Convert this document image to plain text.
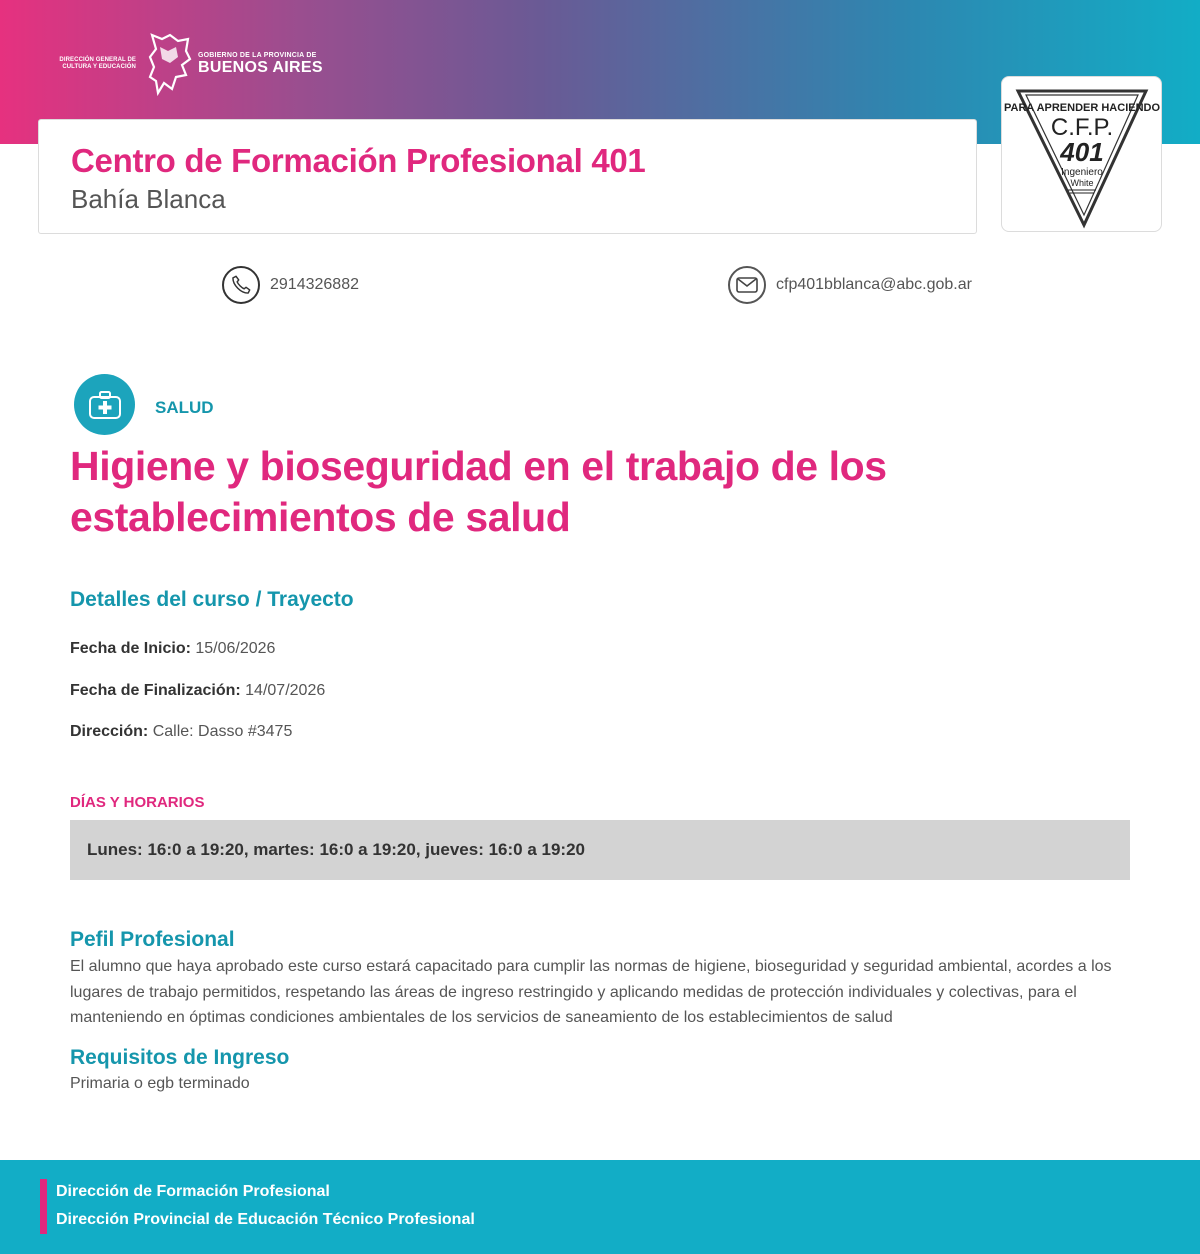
DIRECCIÓN GENERAL DE
CULTURA Y EDUCACIÓN
GOBIERNO DE LA PROVINCIA DE
BUENOS AIRES
Centro de Formación Profesional 401
Bahía Blanca
PARA APRENDER HACIENDO
C.F.P.
401
Ingeniero
White
2914326882	cfp401bblanca@abc.gob.ar
SALUD
Higiene y bioseguridad en el trabajo de los establecimientos de salud
Detalles del curso / Trayecto
Fecha de Inicio: 15/06/2026
Fecha de Finalización: 14/07/2026
Dirección: Calle: Dasso #3475
DÍAS Y HORARIOS
Lunes: 16:0 a 19:20, martes: 16:0 a 19:20, jueves: 16:0 a 19:20
Pefil Profesional

El alumno que haya aprobado este curso estará capacitado para cumplir las normas de higiene, bioseguridad y seguridad ambiental, acordes a los lugares de trabajo permitidos, respetando las áreas de ingreso restringido y aplicando medidas de protección individuales y colectivas, para el manteniendo en óptimas condiciones ambientales de los servicios de saneamiento de los establecimientos de salud

Requisitos de Ingreso

Primaria o egb terminado

Dirección de Formación Profesional
Dirección Provincial de Educación Técnico Profesional
